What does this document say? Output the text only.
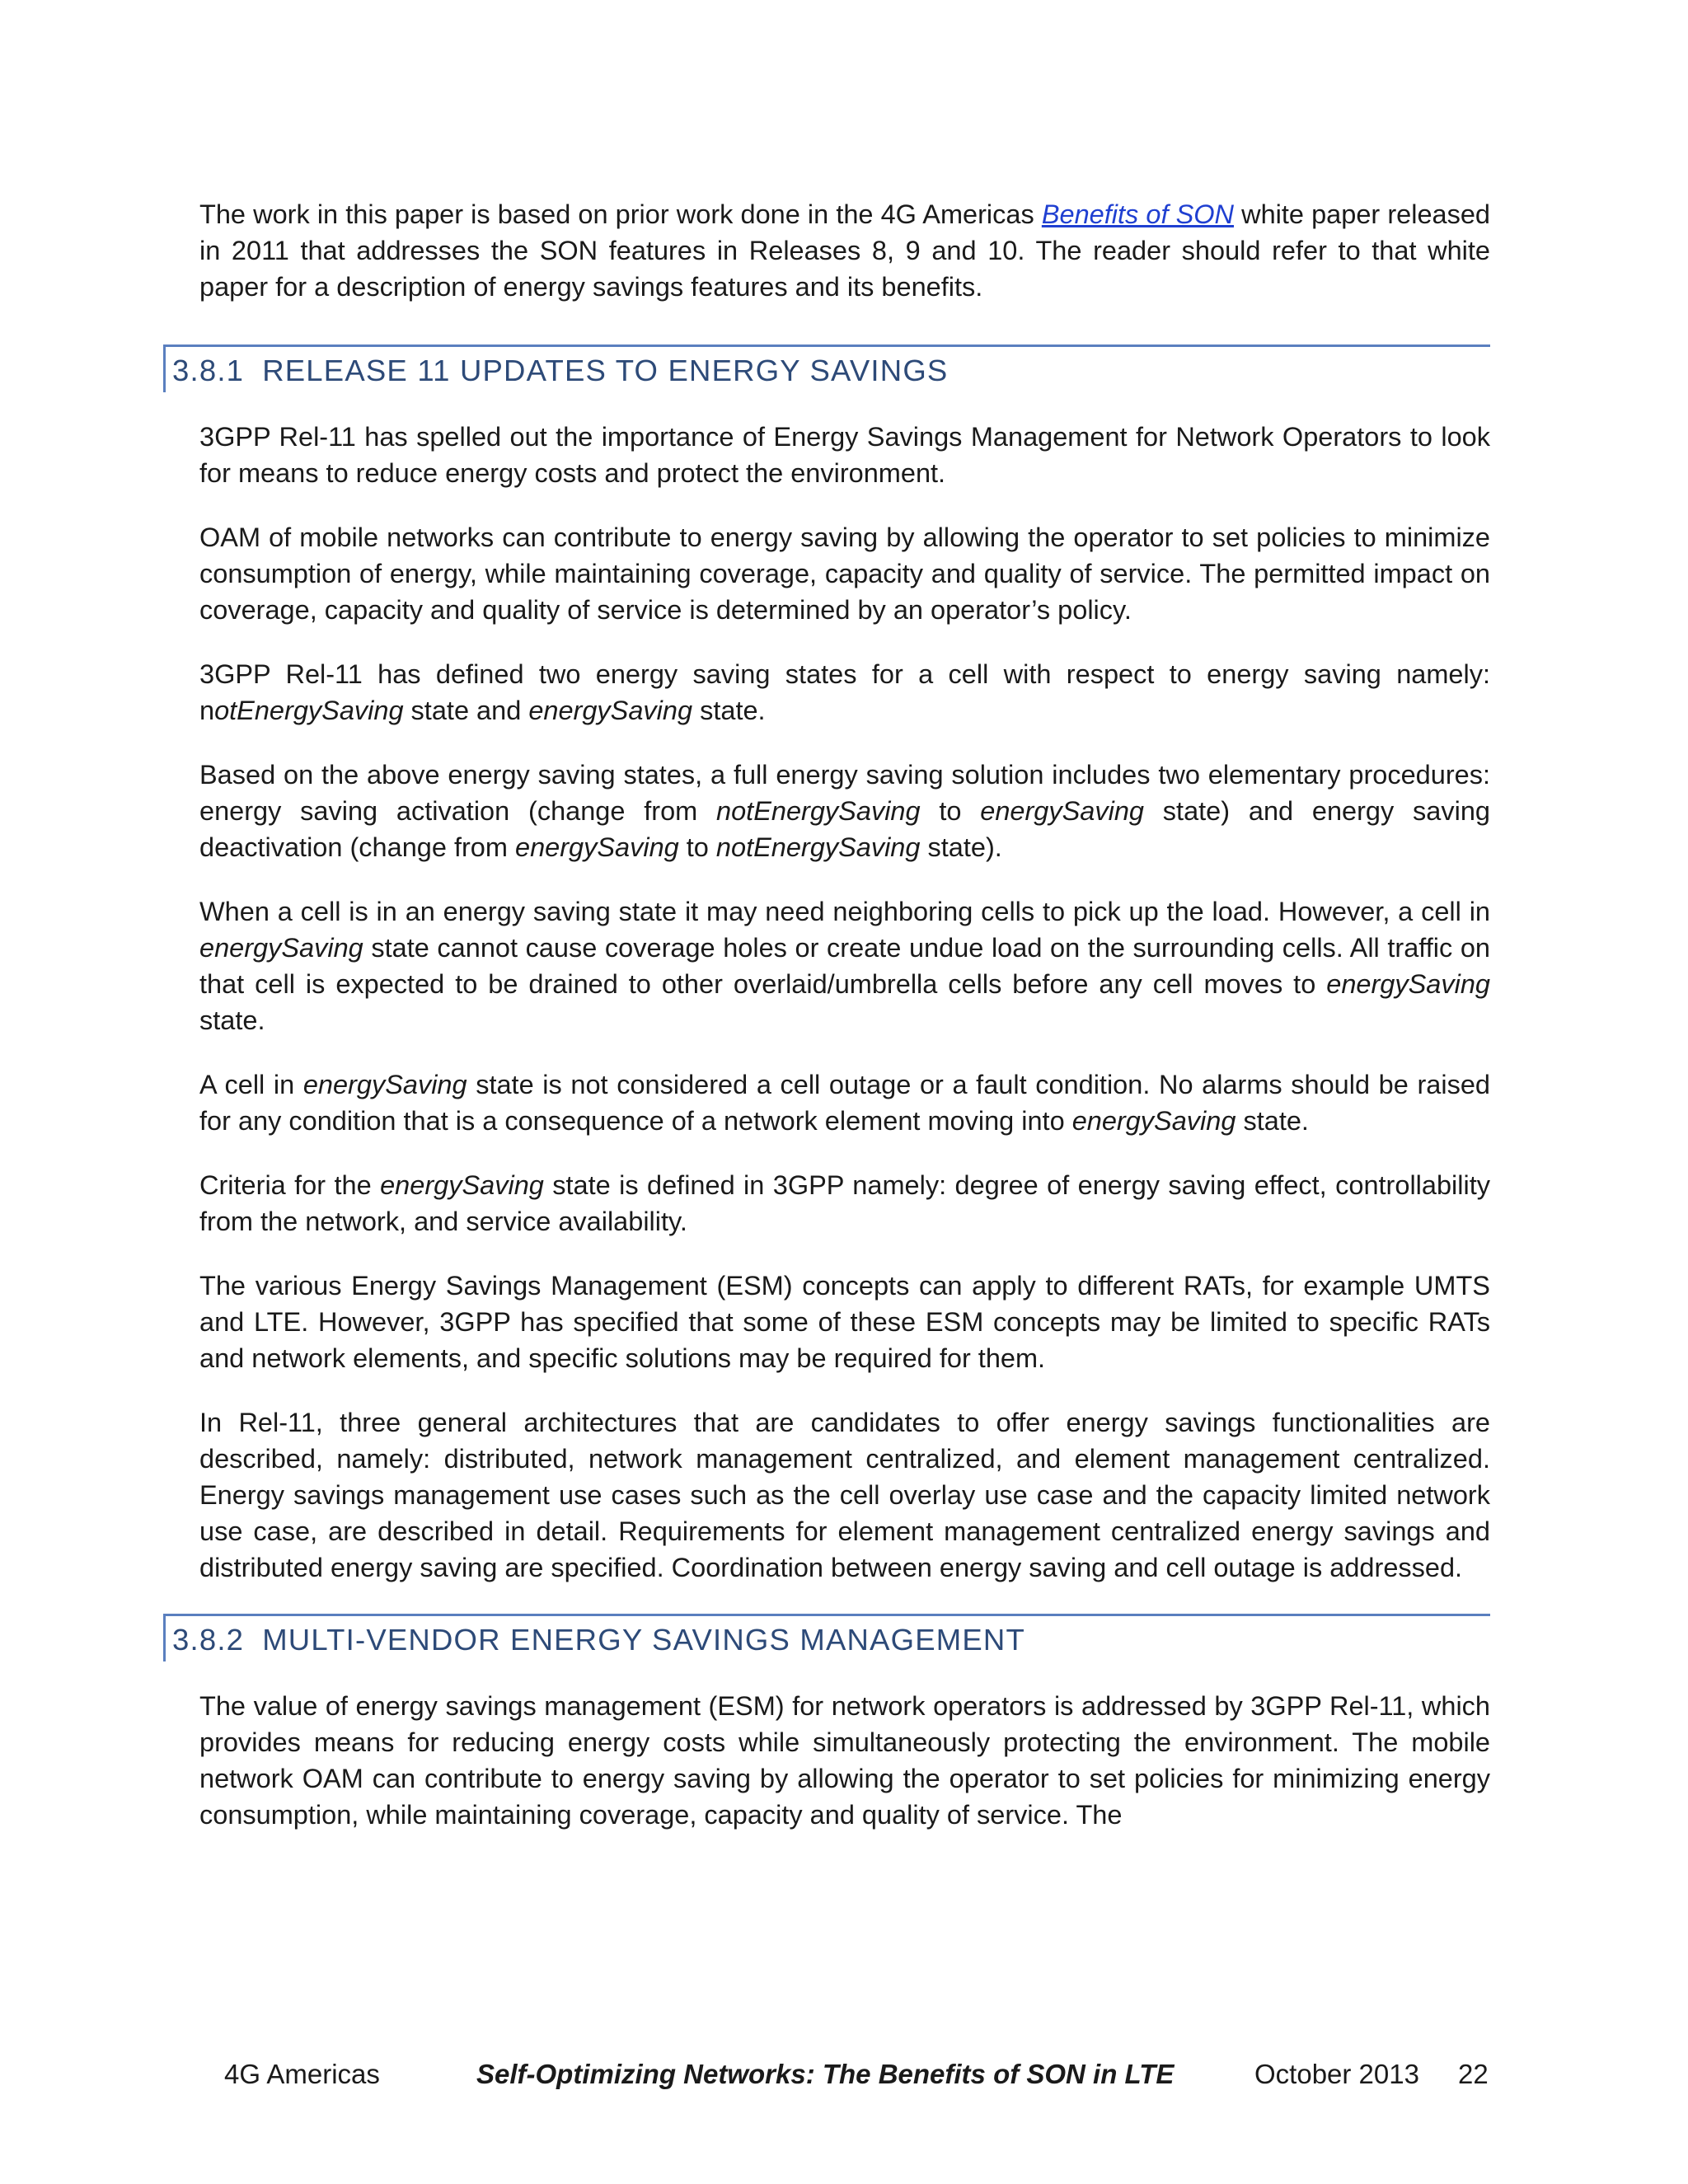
The work in this paper is based on prior work done in the 4G Americas Benefits of SON white paper released in 2011 that addresses the SON features in Releases 8, 9 and 10. The reader should refer to that white paper for a description of energy savings features and its benefits.

3.8.1 RELEASE 11 UPDATES TO ENERGY SAVINGS

3GPP Rel-11 has spelled out the importance of Energy Savings Management for Network Operators to look for means to reduce energy costs and protect the environment.

OAM of mobile networks can contribute to energy saving by allowing the operator to set policies to minimize consumption of energy, while maintaining coverage, capacity and quality of service. The permitted impact on coverage, capacity and quality of service is determined by an operator’s policy.

3GPP Rel-11 has defined two energy saving states for a cell with respect to energy saving namely: notEnergySaving state and energySaving state.

Based on the above energy saving states, a full energy saving solution includes two elementary procedures: energy saving activation (change from notEnergySaving to energySaving state) and energy saving deactivation (change from energySaving to notEnergySaving state).

When a cell is in an energy saving state it may need neighboring cells to pick up the load. However, a cell in energySaving state cannot cause coverage holes or create undue load on the surrounding cells. All traffic on that cell is expected to be drained to other overlaid/umbrella cells before any cell moves to energySaving state.

A cell in energySaving state is not considered a cell outage or a fault condition. No alarms should be raised for any condition that is a consequence of a network element moving into energySaving state.

Criteria for the energySaving state is defined in 3GPP namely: degree of energy saving effect, controllability from the network, and service availability.

The various Energy Savings Management (ESM) concepts can apply to different RATs, for example UMTS and LTE. However, 3GPP has specified that some of these ESM concepts may be limited to specific RATs and network elements, and specific solutions may be required for them.

In Rel-11, three general architectures that are candidates to offer energy savings functionalities are described, namely: distributed, network management centralized, and element management centralized. Energy savings management use cases such as the cell overlay use case and the capacity limited network use case, are described in detail. Requirements for element management centralized energy savings and distributed energy saving are specified. Coordination between energy saving and cell outage is addressed.

3.8.2 MULTI-VENDOR ENERGY SAVINGS MANAGEMENT

The value of energy savings management (ESM) for network operators is addressed by 3GPP Rel-11, which provides means for reducing energy costs while simultaneously protecting the environment. The mobile network OAM can contribute to energy saving by allowing the operator to set policies for minimizing energy consumption, while maintaining coverage, capacity and quality of service. The

4G Americas	Self-Optimizing Networks: The Benefits of SON in LTE	October 2013 22
